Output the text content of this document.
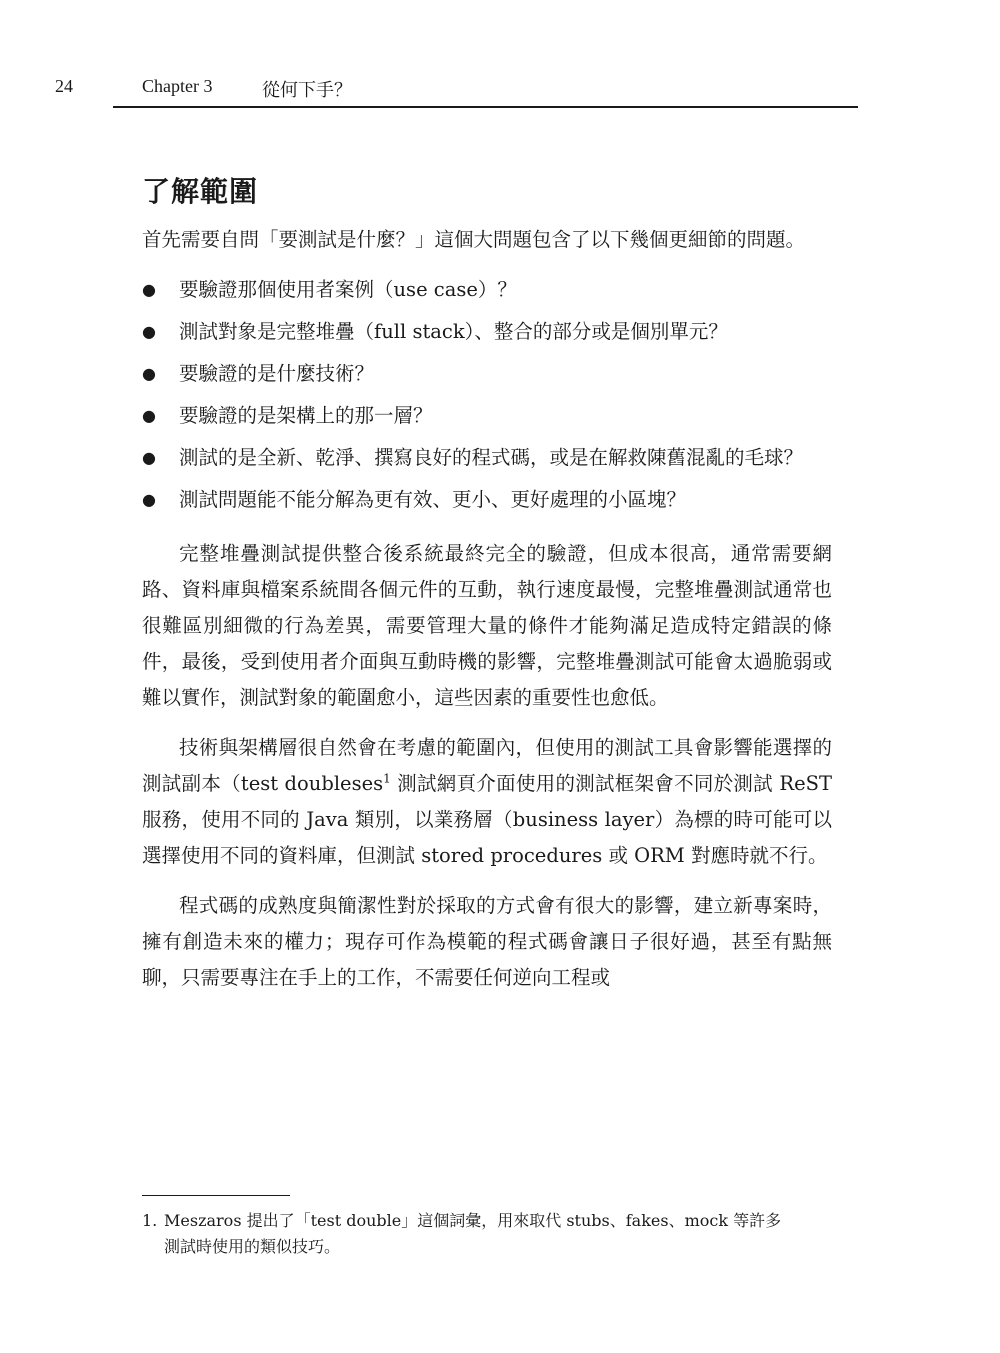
24	Chapter 3	從何下手？
了解範圍

首先需要自問「要測試是什麼？」這個大問題包含了以下幾個更細節的問題。

● 要驗證那個使用者案例（use case）？
● 測試對象是完整堆疊（full stack）、整合的部分或是個別單元？
● 要驗證的是什麼技術？
● 要驗證的是架構上的那一層？
● 測試的是全新、乾淨、撰寫良好的程式碼，或是在解救陳舊混亂的毛球？
● 測試問題能不能分解為更有效、更小、更好處理的小區塊？

完整堆疊測試提供整合後系統最終完全的驗證，但成本很高，通常需要網路、資料庫與檔案系統間各個元件的互動，執行速度最慢，完整堆疊測試通常也很難區別細微的行為差異，需要管理大量的條件才能夠滿足造成特定錯誤的條件，最後，受到使用者介面與互動時機的影響，完整堆疊測試可能會太過脆弱或難以實作，測試對象的範圍愈小，這些因素的重要性也愈低。

技術與架構層很自然會在考慮的範圍內，但使用的測試工具會影響能選擇的測試副本（test doubleses$^1$ 測試網頁介面使用的測試框架會不同於測試 ReST 服務，使用不同的 Java 類別，以業務層（business layer）為標的時可能可以選擇使用不同的資料庫，但測試 stored procedures 或 ORM 對應時就不行。

程式碼的成熟度與簡潔性對於採取的方式會有很大的影響，建立新專案時，擁有創造未來的權力；現存可作為模範的程式碼會讓日子很好過，甚至有點無聊，只需要專注在手上的工作，不需要任何逆向工程或

1. Meszaros 提出了「test double」這個詞彙，用來取代 stubs、fakes、mock 等許多
測試時使用的類似技巧。
